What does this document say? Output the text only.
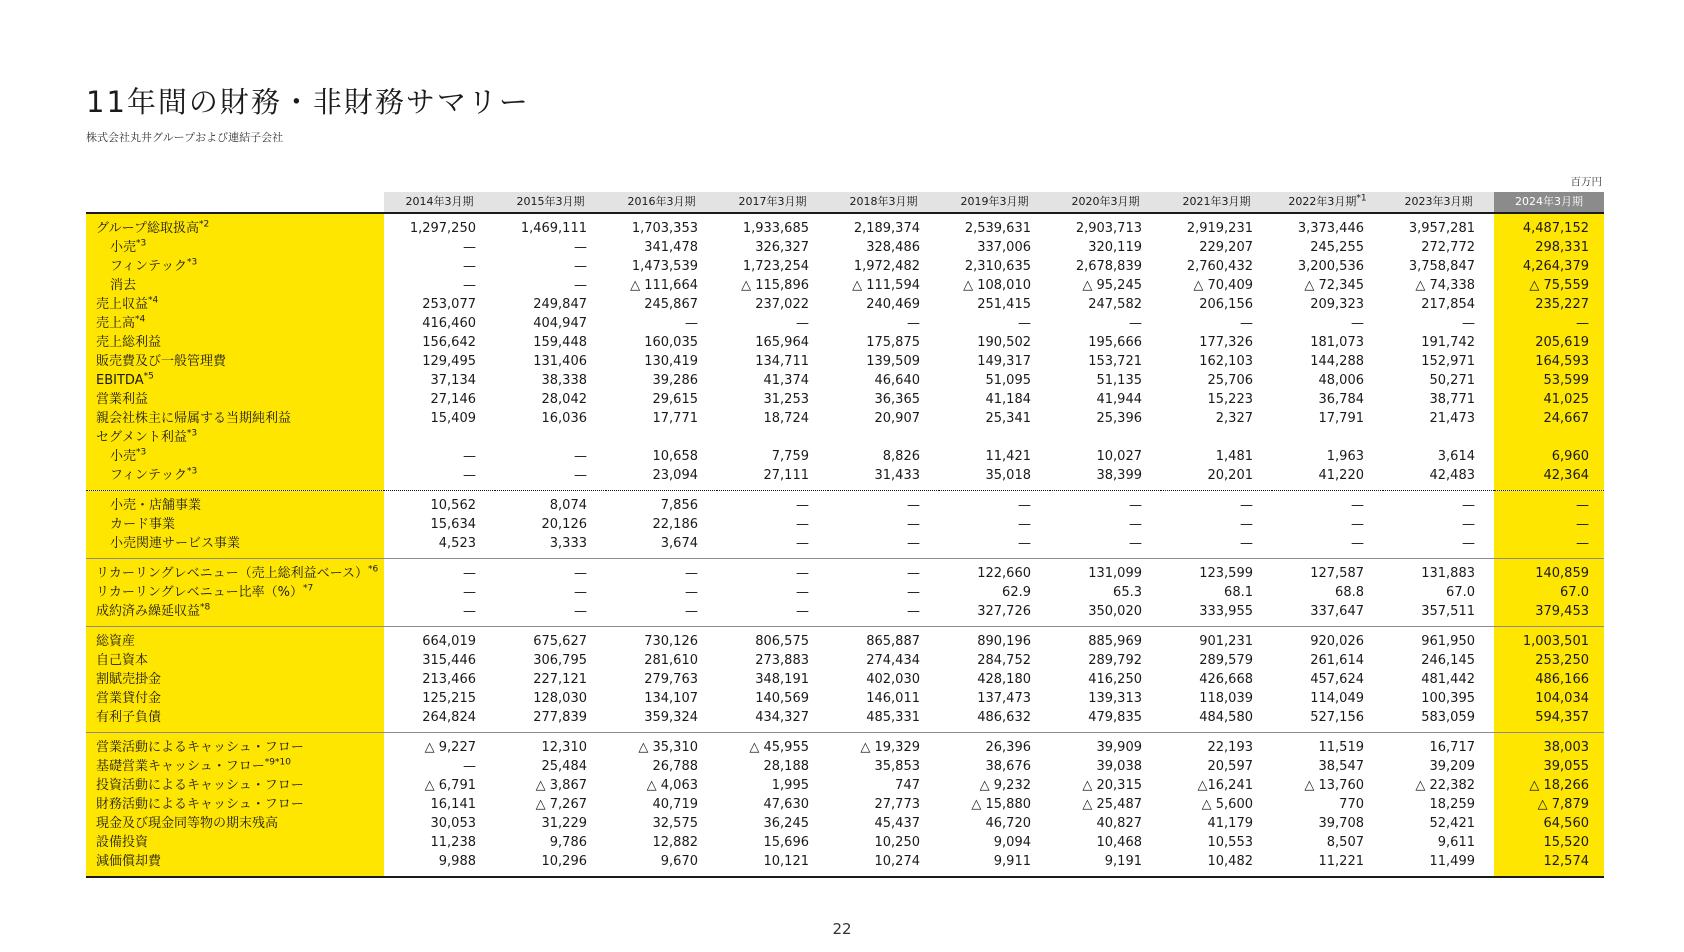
11年間の財務・非財務サマリー
株式会社丸井グループおよび連結子会社
百万円
	2014年3月期	2015年3月期	2016年3月期	2017年3月期	2018年3月期	2019年3月期	2020年3月期	2021年3月期	2022年3月期$^{*1}$	2023年3月期	2024年3月期

グループ総取扱高$^{*2}$	1,297,250	1,469,111	1,703,353	1,933,685	2,189,374	2,539,631	2,903,713	2,919,231	3,373,446	3,957,281	4,487,152
小売$^{*3}$	—	—	341,478	326,327	328,486	337,006	320,119	229,207	245,255	272,772	298,331
フィンテック$^{*3}$	—	—	1,473,539	1,723,254	1,972,482	2,310,635	2,678,839	2,760,432	3,200,536	3,758,847	4,264,379
消去	—	—	△ 111,664	△ 115,896	△ 111,594	△ 108,010	△ 95,245	△ 70,409	△ 72,345	△ 74,338	△ 75,559
売上収益$^{*4}$	253,077	249,847	245,867	237,022	240,469	251,415	247,582	206,156	209,323	217,854	235,227
売上高$^{*4}$	416,460	404,947	—	—	—	—	—	—	—	—	—
売上総利益	156,642	159,448	160,035	165,964	175,875	190,502	195,666	177,326	181,073	191,742	205,619
販売費及び一般管理費	129,495	131,406	130,419	134,711	139,509	149,317	153,721	162,103	144,288	152,971	164,593
EBITDA$^{*5}$	37,134	38,338	39,286	41,374	46,640	51,095	51,135	25,706	48,006	50,271	53,599
営業利益	27,146	28,042	29,615	31,253	36,365	41,184	41,944	15,223	36,784	38,771	41,025
親会社株主に帰属する当期純利益	15,409	16,036	17,771	18,724	20,907	25,341	25,396	2,327	17,791	21,473	24,667
セグメント利益$^{*3}$											
小売$^{*3}$	—	—	10,658	7,759	8,826	11,421	10,027	1,481	1,963	3,614	6,960
フィンテック$^{*3}$	—	—	23,094	27,111	31,433	35,018	38,399	20,201	41,220	42,483	42,364

小売・店舗事業	10,562	8,074	7,856	—	—	—	—	—	—	—	—
カード事業	15,634	20,126	22,186	—	—	—	—	—	—	—	—
小売関連サービス事業	4,523	3,333	3,674	—	—	—	—	—	—	—	—

リカーリングレベニュー（売上総利益ベース）$^{*6}$	—	—	—	—	—	122,660	131,099	123,599	127,587	131,883	140,859
リカーリングレベニュー比率（%）$^{*7}$	—	—	—	—	—	62.9	65.3	68.1	68.8	67.0	67.0
成約済み繰延収益$^{*8}$	—	—	—	—	—	327,726	350,020	333,955	337,647	357,511	379,453

総資産	664,019	675,627	730,126	806,575	865,887	890,196	885,969	901,231	920,026	961,950	1,003,501
自己資本	315,446	306,795	281,610	273,883	274,434	284,752	289,792	289,579	261,614	246,145	253,250
割賦売掛金	213,466	227,121	279,763	348,191	402,030	428,180	416,250	426,668	457,624	481,442	486,166
営業貸付金	125,215	128,030	134,107	140,569	146,011	137,473	139,313	118,039	114,049	100,395	104,034
有利子負債	264,824	277,839	359,324	434,327	485,331	486,632	479,835	484,580	527,156	583,059	594,357

営業活動によるキャッシュ・フロー	△ 9,227	12,310	△ 35,310	△ 45,955	△ 19,329	26,396	39,909	22,193	11,519	16,717	38,003
基礎営業キャッシュ・フロー$^{*9*10}$	—	25,484	26,788	28,188	35,853	38,676	39,038	20,597	38,547	39,209	39,055
投資活動によるキャッシュ・フロー	△ 6,791	△ 3,867	△ 4,063	1,995	747	△ 9,232	△ 20,315	△16,241	△ 13,760	△ 22,382	△ 18,266
財務活動によるキャッシュ・フロー	16,141	△ 7,267	40,719	47,630	27,773	△ 15,880	△ 25,487	△ 5,600	770	18,259	△ 7,879
現金及び現金同等物の期末残高	30,053	31,229	32,575	36,245	45,437	46,720	40,827	41,179	39,708	52,421	64,560
設備投資	11,238	9,786	12,882	15,696	10,250	9,094	10,468	10,553	8,507	9,611	15,520
減価償却費	9,988	10,296	9,670	10,121	10,274	9,911	9,191	10,482	11,221	11,499	12,574

22
